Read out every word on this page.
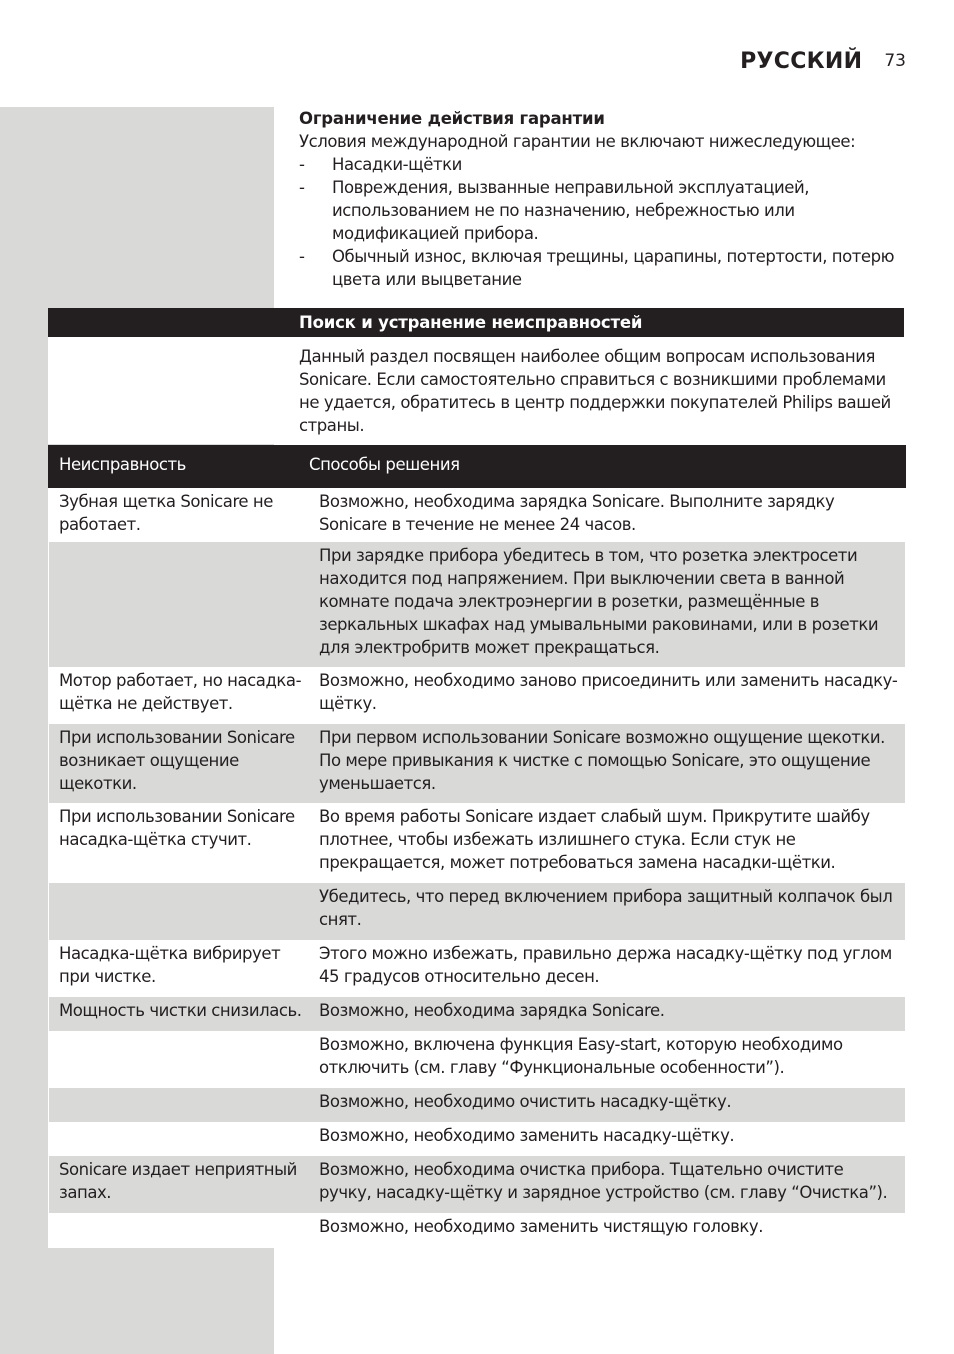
РУССКИЙ 73
Ограничение действия гарантии

Условия международной гарантии не включают нижеследующее:

- Насадки-щётки
- Повреждения, вызванные неправильной эксплуатацией, использованием не по назначению, небрежностью или модификацией прибора.
- Обычный износ, включая трещины, царапины, потертости, потерю цвета или выцветание
Поиск и устранение неисправностей

Данный раздел посвящен наиболее общим вопросам использования Sonicare. Если самостоятельно справиться с возникшими проблемами не удается, обратитесь в центр поддержки покупателей Philips вашей страны.

Неисправность	Способы решения
Зубная щетка Sonicare не работает.
Возможно, необходима зарядка Sonicare. Выполните зарядку Sonicare в течение не менее 24 часов.
При зарядке прибора убедитесь в том, что розетка электросети находится под напряжением. При выключении света в ванной комнате подача электроэнергии в розетки, размещённые в зеркальных шкафах над умывальными раковинами, или в розетки для электробритв может прекращаться.
Мотор работает, но насадка-щётка не действует.
Возможно, необходимо заново присоединить или заменить насадку-щётку.
При использовании Sonicare возникает ощущение щекотки.
При первом использовании Sonicare возможно ощущение щекотки. По мере привыкания к чистке с помощью Sonicare, это ощущение уменьшается.
При использовании Sonicare насадка-щётка стучит.
Во время работы Sonicare издает слабый шум. Прикрутите шайбу плотнее, чтобы избежать излишнего стука. Если стук не прекращается, может потребоваться замена насадки-щётки.
Убедитесь, что перед включением прибора защитный колпачок был снят.
Насадка-щётка вибрирует при чистке.
Этого можно избежать, правильно держа насадку-щётку под углом 45 градусов относительно десен.
Мощность чистки снизилась.	Возможно, необходима зарядка Sonicare.
Возможно, включена функция Easy-start, которую необходимо отключить (см. главу “Функциональные особенности”).
Возможно, необходимо очистить насадку-щётку.
Возможно, необходимо заменить насадку-щётку.
Sonicare издает неприятный запах.
Возможно, необходима очистка прибора. Тщательно очистите ручку, насадку-щётку и зарядное устройство (см. главу “Очистка”).
Возможно, необходимо заменить чистящую головку.
